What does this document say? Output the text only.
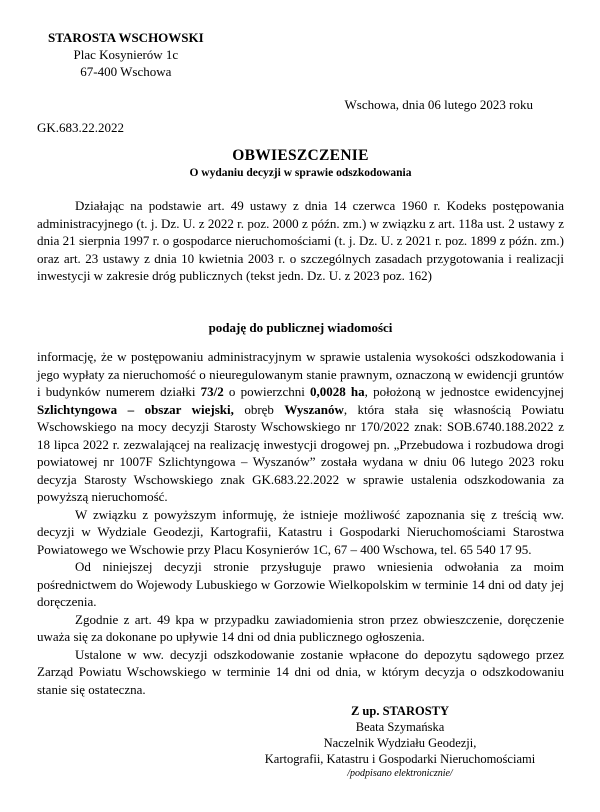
STAROSTA WSCHOWSKI
Plac Kosynierów 1c
67-400 Wschowa
Wschowa, dnia 06 lutego 2023 roku
GK.683.22.2022
OBWIESZCZENIE
O wydaniu decyzji w sprawie odszkodowania

Działając na podstawie art. 49 ustawy z dnia 14 czerwca 1960 r. Kodeks postępowania administracyjnego (t. j. Dz. U. z 2022 r. poz. 2000 z późn. zm.) w związku z art. 118a ust. 2 ustawy z dnia 21 sierpnia 1997 r. o gospodarce nieruchomościami (t. j. Dz. U. z 2021 r. poz. 1899 z późn. zm.) oraz art. 23 ustawy z dnia 10 kwietnia 2003 r. o szczególnych zasadach przygotowania i realizacji inwestycji w zakresie dróg publicznych (tekst jedn. Dz. U. z 2023 poz. 162)

podaję do publicznej wiadomości

informację, że w postępowaniu administracyjnym w sprawie ustalenia wysokości odszkodowania i jego wypłaty za nieruchomość o nieuregulowanym stanie prawnym, oznaczoną w ewidencji gruntów i budynków numerem działki 73/2 o powierzchni 0,0028 ha, położoną w jednostce ewidencyjnej Szlichtyngowa – obszar wiejski, obręb Wyszanów, która stała się własnością Powiatu Wschowskiego na mocy decyzji Starosty Wschowskiego nr 170/2022 znak: SOB.6740.188.2022 z 18 lipca 2022 r. zezwalającej na realizację inwestycji drogowej pn. „Przebudowa i rozbudowa drogi powiatowej nr 1007F Szlichtyngowa – Wyszanów” została wydana w dniu 06 lutego 2023 roku decyzja Starosty Wschowskiego znak GK.683.22.2022 w sprawie ustalenia odszkodowania za powyższą nieruchomość.

W związku z powyższym informuję, że istnieje możliwość zapoznania się z treścią ww. decyzji w Wydziale Geodezji, Kartografii, Katastru i Gospodarki Nieruchomościami Starostwa Powiatowego we Wschowie przy Placu Kosynierów 1C, 67 – 400 Wschowa, tel. 65 540 17 95.

Od niniejszej decyzji stronie przysługuje prawo wniesienia odwołania za moim pośrednictwem do Wojewody Lubuskiego w Gorzowie Wielkopolskim w terminie 14 dni od daty jej doręczenia.

Zgodnie z art. 49 kpa w przypadku zawiadomienia stron przez obwieszczenie, doręczenie uważa się za dokonane po upływie 14 dni od dnia publicznego ogłoszenia.

Ustalone w ww. decyzji odszkodowanie zostanie wpłacone do depozytu sądowego przez Zarząd Powiatu Wschowskiego w terminie 14 dni od dnia, w którym decyzja o odszkodowaniu stanie się ostateczna.

Z up. STAROSTY
Beata Szymańska
Naczelnik Wydziału Geodezji,
Kartografii, Katastru i Gospodarki Nieruchomościami
/podpisano elektronicznie/
